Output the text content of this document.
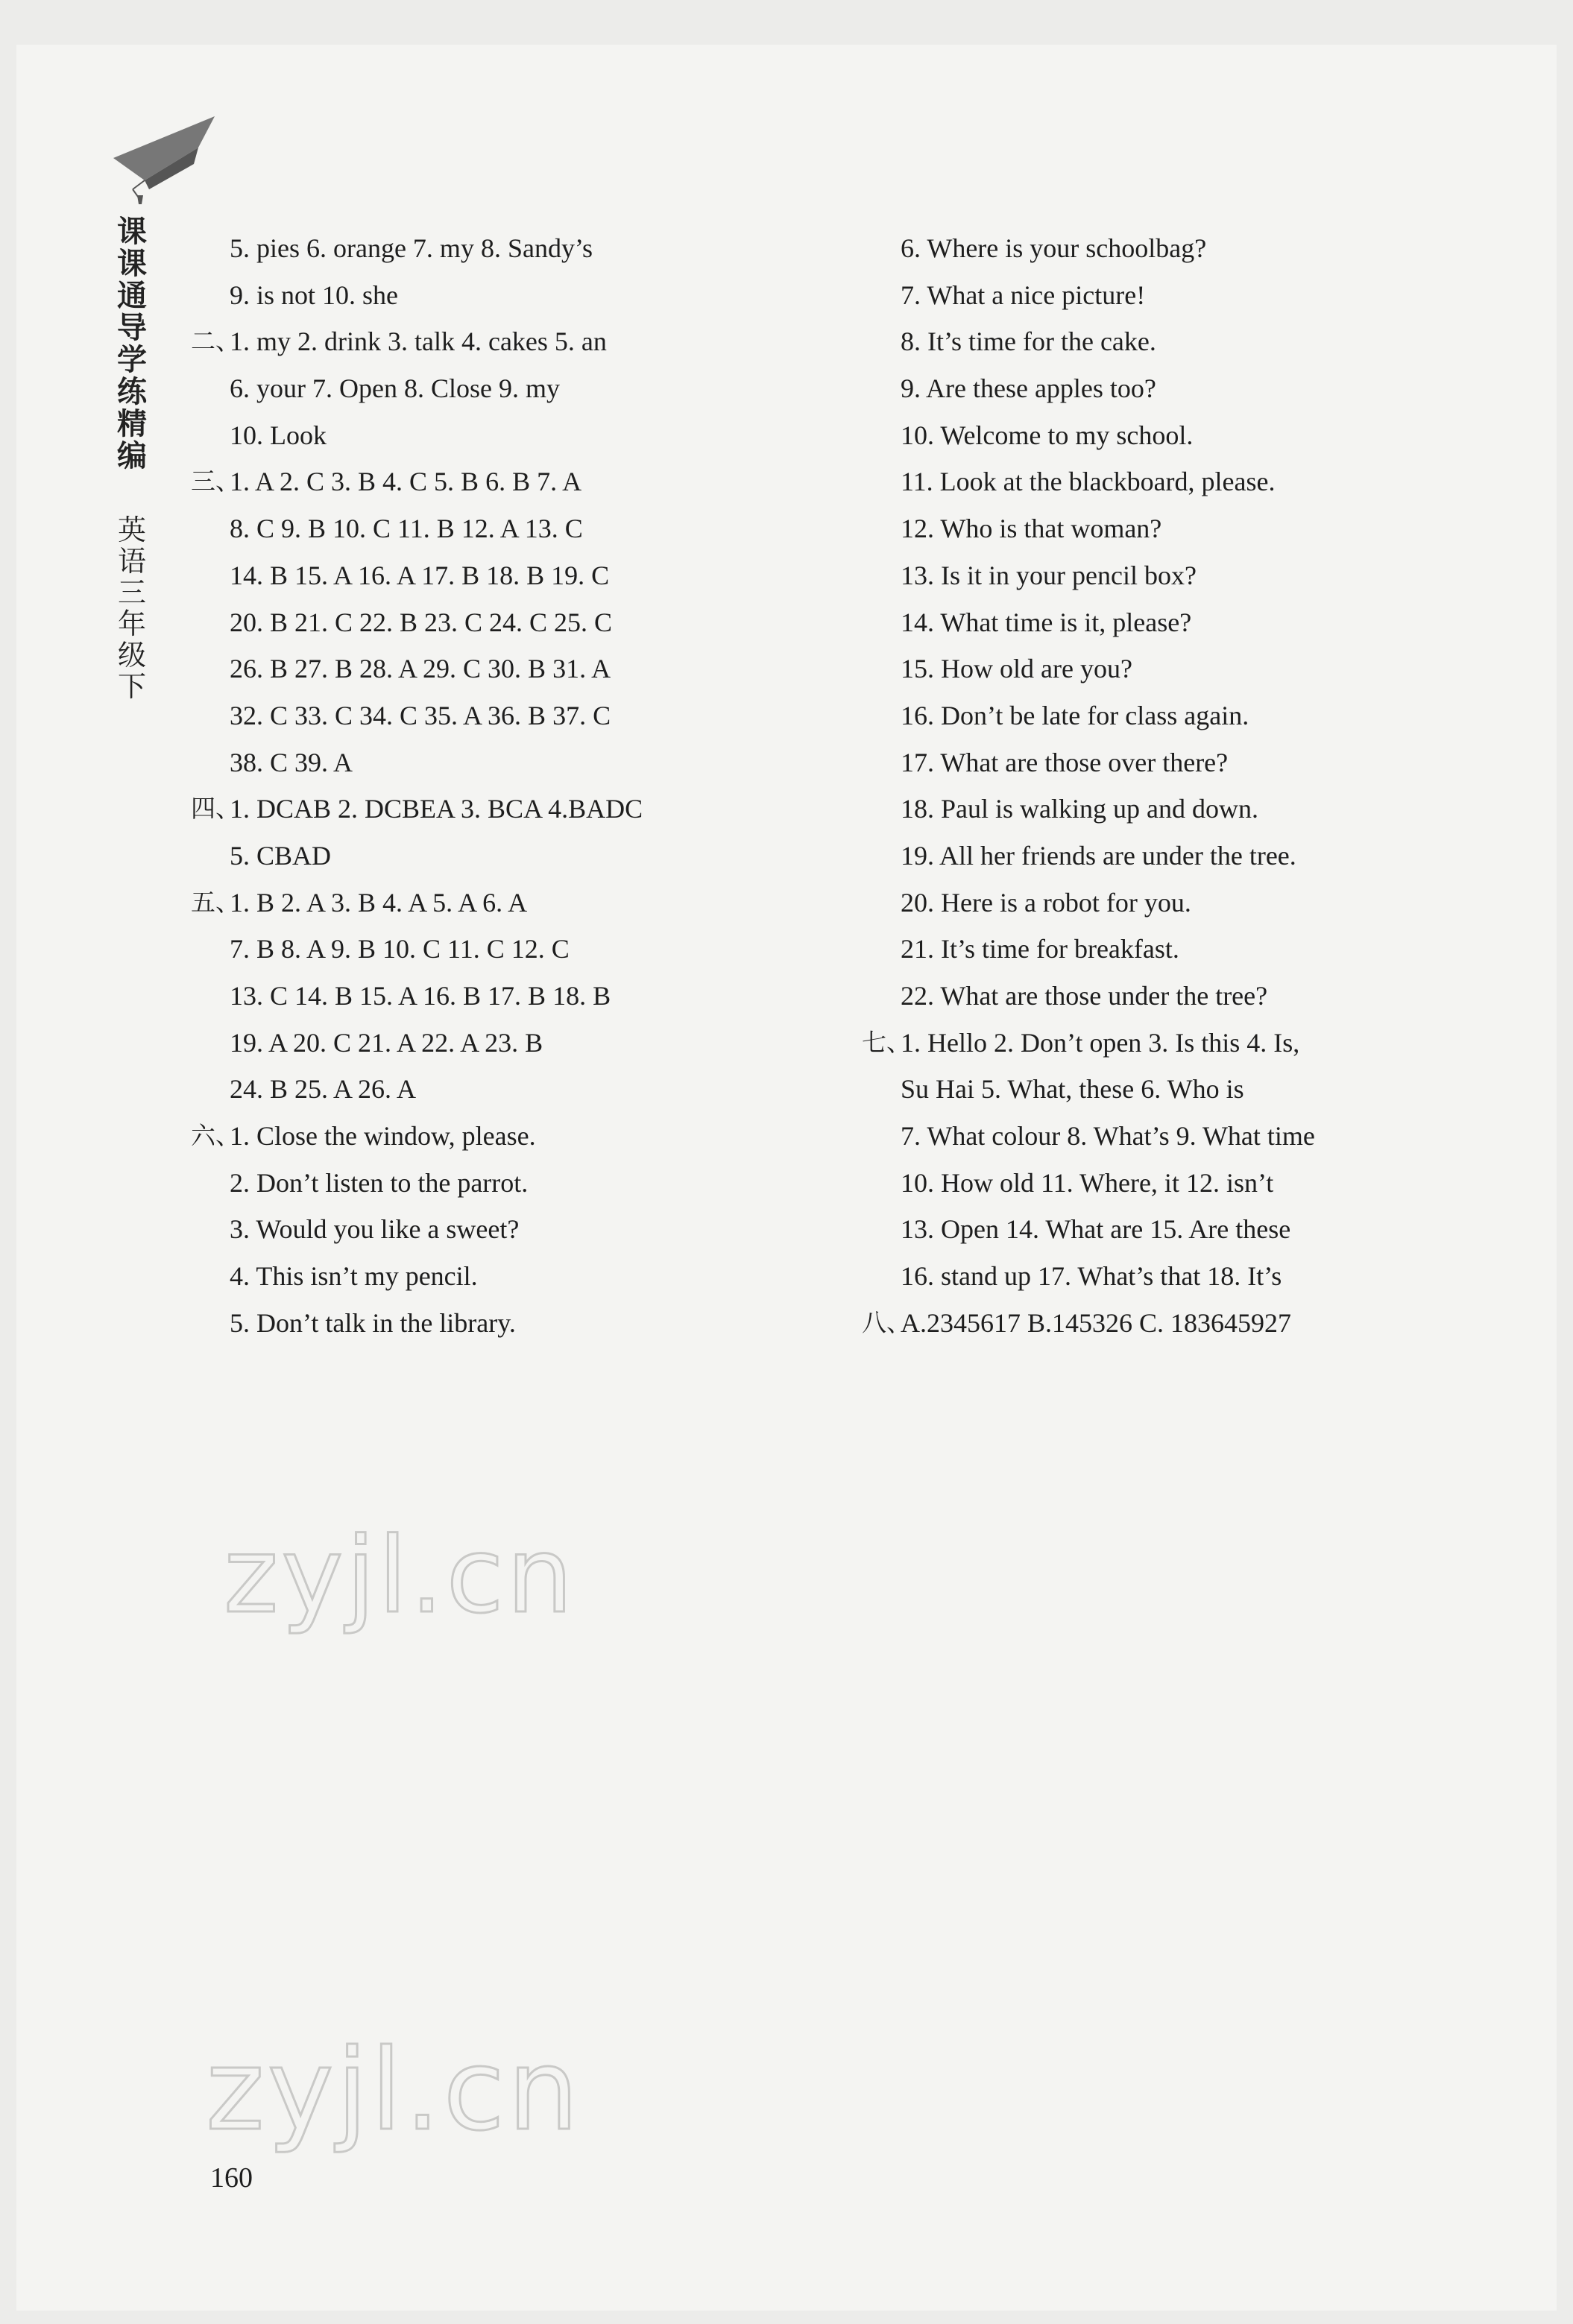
课课通导学练精编
英语三年级下
5. pies 6. orange 7. my 8. Sandy’s
9. is not 10. she
二、
1. my 2. drink 3. talk 4. cakes 5. an
6. your 7. Open 8. Close 9. my
10. Look
三、
1. A 2. C 3. B 4. C 5. B 6. B 7. A
8. C 9. B 10. C 11. B 12. A 13. C
14. B 15. A 16. A 17. B 18. B 19. C
20. B 21. C 22. B 23. C 24. C 25. C
26. B 27. B 28. A 29. C 30. B 31. A
32. C 33. C 34. C 35. A 36. B 37. C
38. C 39. A
四、
1. DCAB 2. DCBEA 3. BCA 4.BADC
5. CBAD
五、
1. B 2. A 3. B 4. A 5. A 6. A
7. B 8. A 9. B 10. C 11. C 12. C
13. C 14. B 15. A 16. B 17. B 18. B
19. A 20. C 21. A 22. A 23. B
24. B 25. A 26. A
六、
1. Close the window, please.
2. Don’t listen to the parrot.
3. Would you like a sweet?
4. This isn’t my pencil.
5. Don’t talk in the library.
6. Where is your schoolbag?
7. What a nice picture!
8. It’s time for the cake.
9. Are these apples too?
10. Welcome to my school.
11. Look at the blackboard, please.
12. Who is that woman?
13. Is it in your pencil box?
14. What time is it, please?
15. How old are you?
16. Don’t be late for class again.
17. What are those over there?
18. Paul is walking up and down.
19. All her friends are under the tree.
20. Here is a robot for you.
21. It’s time for breakfast.
22. What are those under the tree?
七、
1. Hello 2. Don’t open 3. Is this 4. Is,
Su Hai 5. What, these 6. Who is
7. What colour 8. What’s 9. What time
10. How old 11. Where, it 12. isn’t
13. Open 14. What are 15. Are these
16. stand up 17. What’s that 18. It’s
八、
A.2345617 B.145326 C. 183645927
zyjl.cn
zyjl.cn
160
